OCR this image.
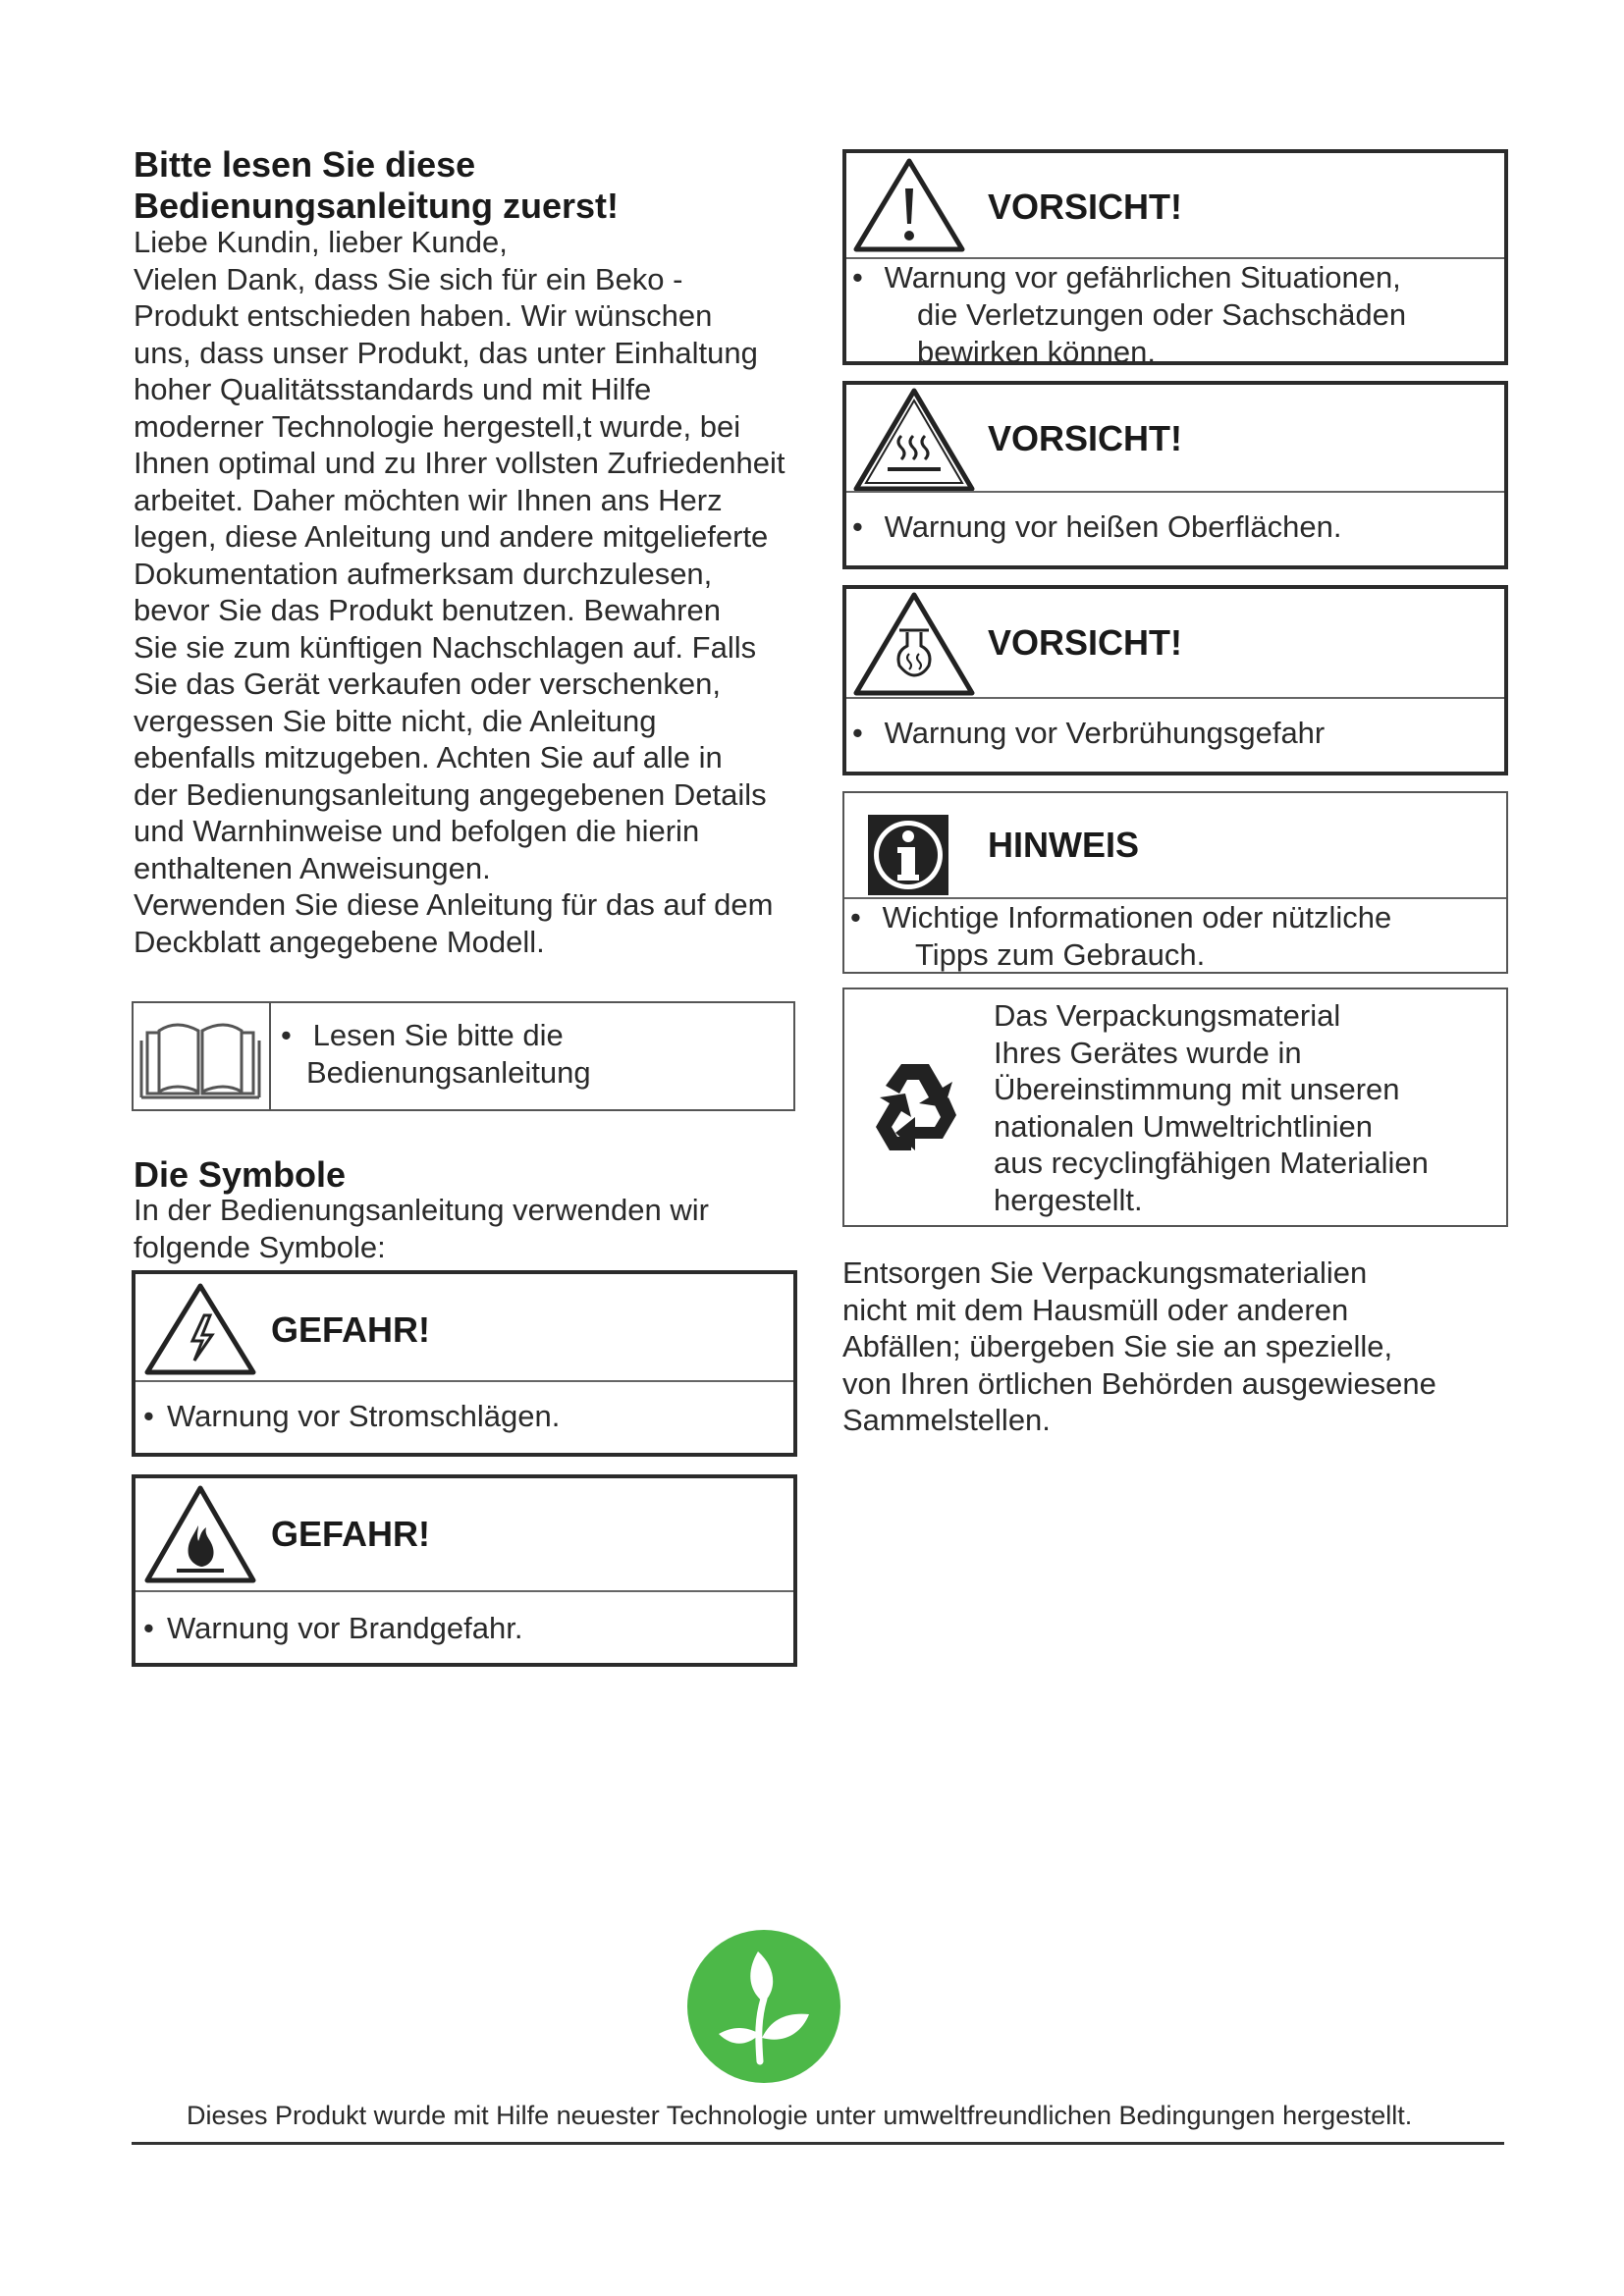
Bitte lesen Sie diese
Bedienungsanleitung zuerst!
Liebe Kundin, lieber Kunde,
Vielen Dank, dass Sie sich für ein Beko -
Produkt entschieden haben. Wir wünschen
uns, dass unser Produkt, das unter Einhaltung
hoher Qualitätsstandards und mit Hilfe
moderner Technologie hergestell,t wurde, bei
Ihnen optimal und zu Ihrer vollsten Zufriedenheit
arbeitet. Daher möchten wir Ihnen ans Herz
legen, diese Anleitung und andere mitgelieferte
Dokumentation aufmerksam durchzulesen,
bevor Sie das Produkt benutzen. Bewahren
Sie sie zum künftigen Nachschlagen auf. Falls
Sie das Gerät verkaufen oder verschenken,
vergessen Sie bitte nicht, die Anleitung
ebenfalls mitzugeben. Achten Sie auf alle in
der Bedienungsanleitung angegebenen Details
und Warnhinweise und befolgen die hierin
enthaltenen Anweisungen.
Verwenden Sie diese Anleitung für das auf dem
Deckblatt angegebene Modell.
• Lesen Sie bitte die
Bedienungsanleitung
Die Symbole
In der Bedienungsanleitung verwenden wir
folgende Symbole:
GEFAHR!
• Warnung vor Stromschlägen.
GEFAHR!
• Warnung vor Brandgefahr.
VORSICHT!
• Warnung vor gefährlichen Situationen,
die Verletzungen oder Sachschäden
bewirken können.
VORSICHT!
• Warnung vor heißen Oberflächen.
VORSICHT!
• Warnung vor Verbrühungsgefahr
HINWEIS
• Wichtige Informationen oder nützliche
Tipps zum Gebrauch.
Das Verpackungsmaterial
Ihres Gerätes wurde in
Übereinstimmung mit unseren
nationalen Umweltrichtlinien
aus recyclingfähigen Materialien
hergestellt.
Entsorgen Sie Verpackungsmaterialien
nicht mit dem Hausmüll oder anderen
Abfällen; übergeben Sie sie an spezielle,
von Ihren örtlichen Behörden ausgewiesene
Sammelstellen.
Dieses Produkt wurde mit Hilfe neuester Technologie unter umweltfreundlichen Bedingungen hergestellt.
